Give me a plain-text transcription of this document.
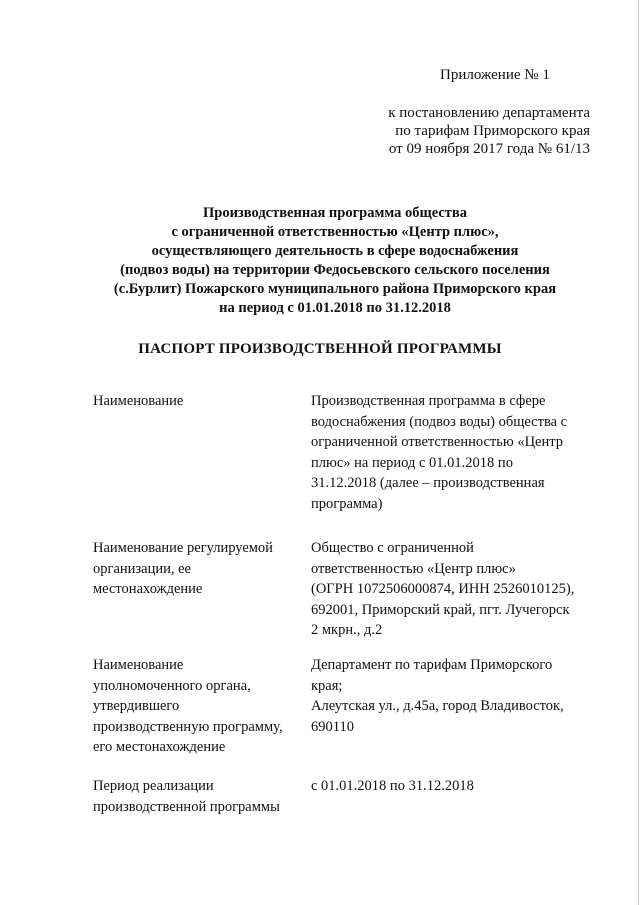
Приложение № 1
к постановлению департамента
по тарифам Приморского края
от 09 ноября 2017 года № 61/13
Производственная программа общества
с ограниченной ответственностью «Центр плюс»,
осуществляющего деятельность в сфере водоснабжения
(подвоз воды) на территории Федосьевского сельского поселения
(с.Бурлит) Пожарского муниципального района Приморского края
на период с 01.01.2018 по 31.12.2018
ПАСПОРТ ПРОИЗВОДСТВЕННОЙ ПРОГРАММЫ
Наименование	Производственная программа в сфере
водоснабжения (подвоз воды) общества с
ограниченной ответственностью «Центр
плюс» на период с 01.01.2018 по
31.12.2018 (далее – производственная
программа)
Наименование регулируемой
организации, ее
местонахождение
Общество с ограниченной
ответственностью «Центр плюс»
(ОГРН 1072506000874, ИНН 2526010125),
692001, Приморский край, пгт. Лучегорск
2 мкрн., д.2
Наименование
уполномоченного органа,
утвердившего
производственную программу,
его местонахождение
Департамент по тарифам Приморского
края;
Алеутская ул., д.45а, город Владивосток,
690110
Период реализации
производственной программы
с 01.01.2018 по 31.12.2018
